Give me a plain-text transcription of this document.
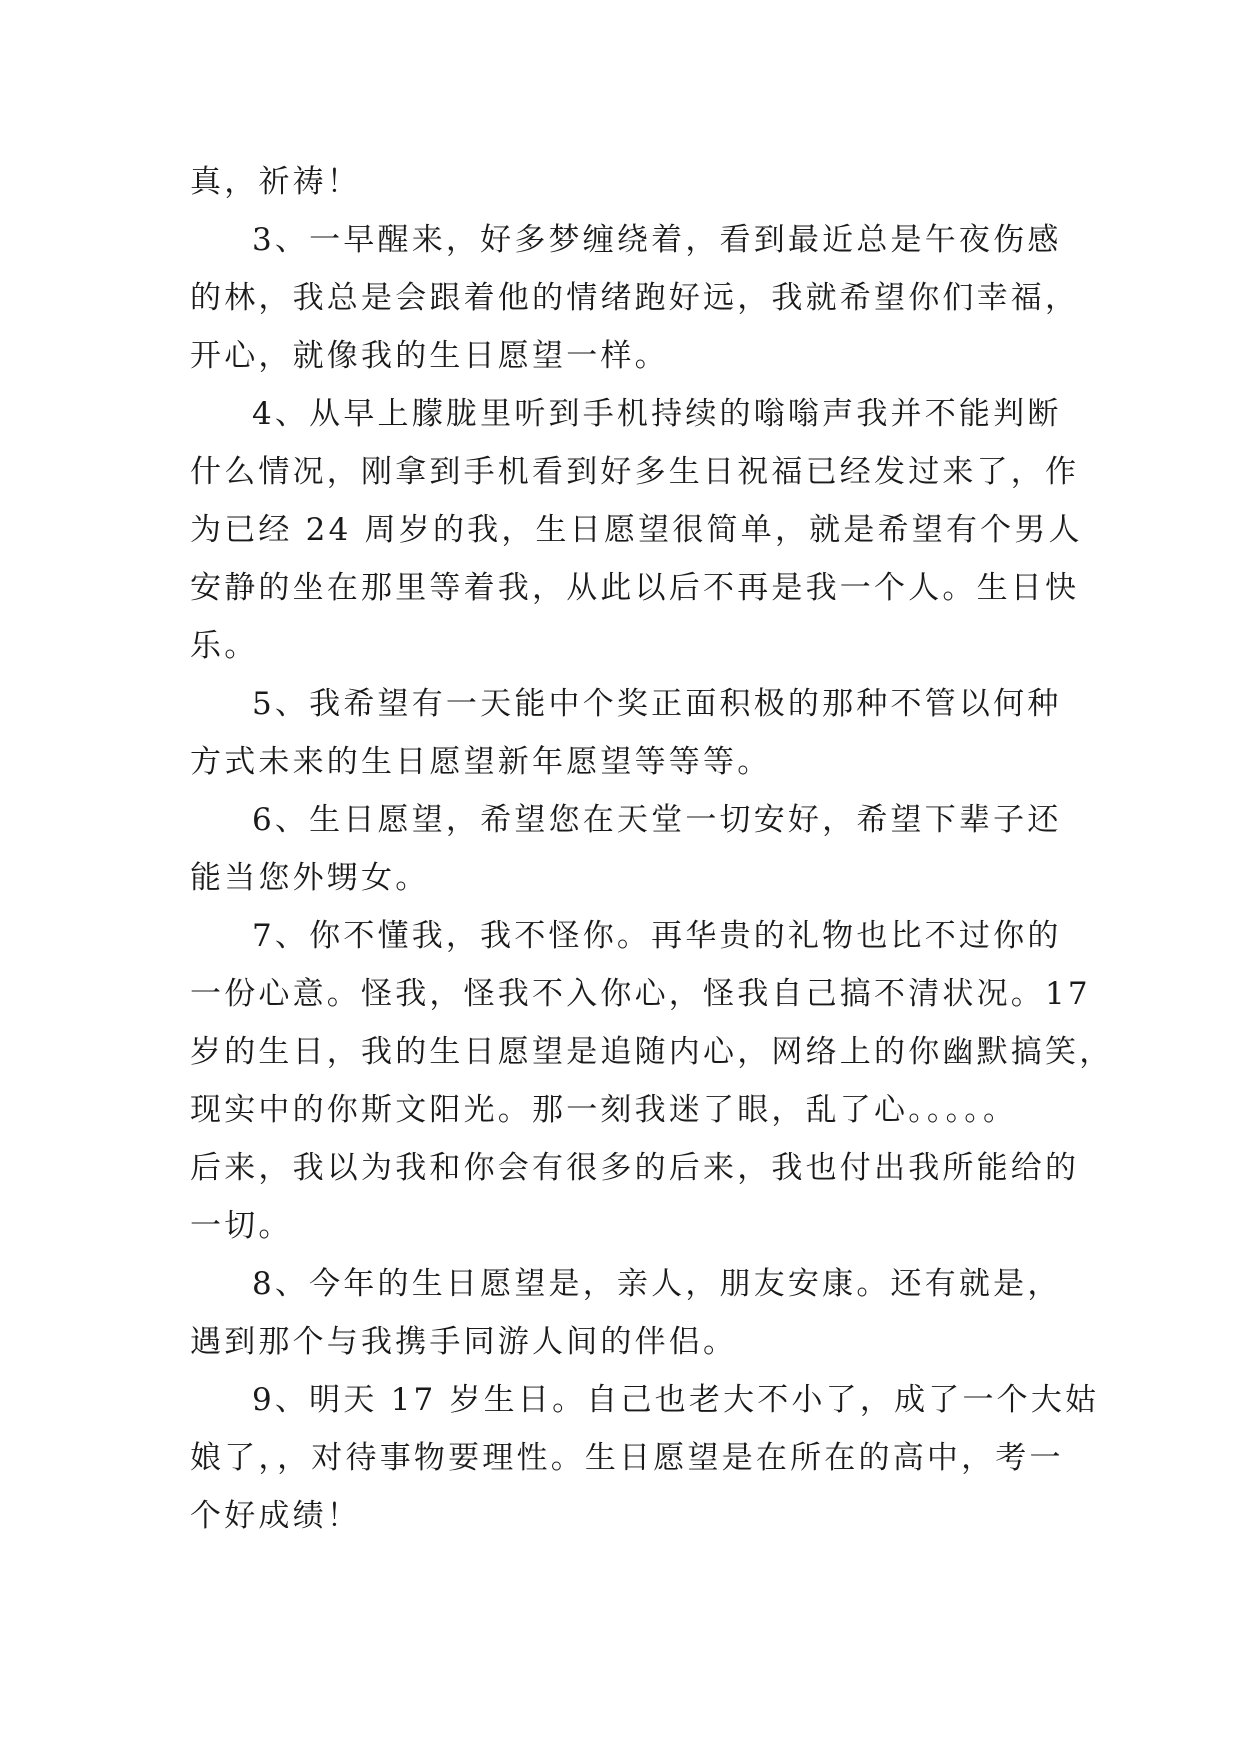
真，祈祷！
3、一早醒来，好多梦缠绕着，看到最近总是午夜伤感
的林，我总是会跟着他的情绪跑好远，我就希望你们幸福，
开心，就像我的生日愿望一样。
4、从早上朦胧里听到手机持续的嗡嗡声我并不能判断
什么情况，刚拿到手机看到好多生日祝福已经发过来了，作
为已经 24 周岁的我，生日愿望很简单，就是希望有个男人
安静的坐在那里等着我，从此以后不再是我一个人。生日快
乐。
5、我希望有一天能中个奖正面积极的那种不管以何种
方式未来的生日愿望新年愿望等等等。
6、生日愿望，希望您在天堂一切安好，希望下辈子还
能当您外甥女。
7、你不懂我，我不怪你。再华贵的礼物也比不过你的
一份心意。怪我，怪我不入你心，怪我自己搞不清状况。17
岁的生日，我的生日愿望是追随内心，网络上的你幽默搞笑，
现实中的你斯文阳光。那一刻我迷了眼，乱了心。。。。。
后来，我以为我和你会有很多的后来，我也付出我所能给的
一切。
8、今年的生日愿望是，亲人，朋友安康。还有就是，
遇到那个与我携手同游人间的伴侣。
9、明天 17 岁生日。自己也老大不小了，成了一个大姑
娘了，，对待事物要理性。生日愿望是在所在的高中，考一
个好成绩！
